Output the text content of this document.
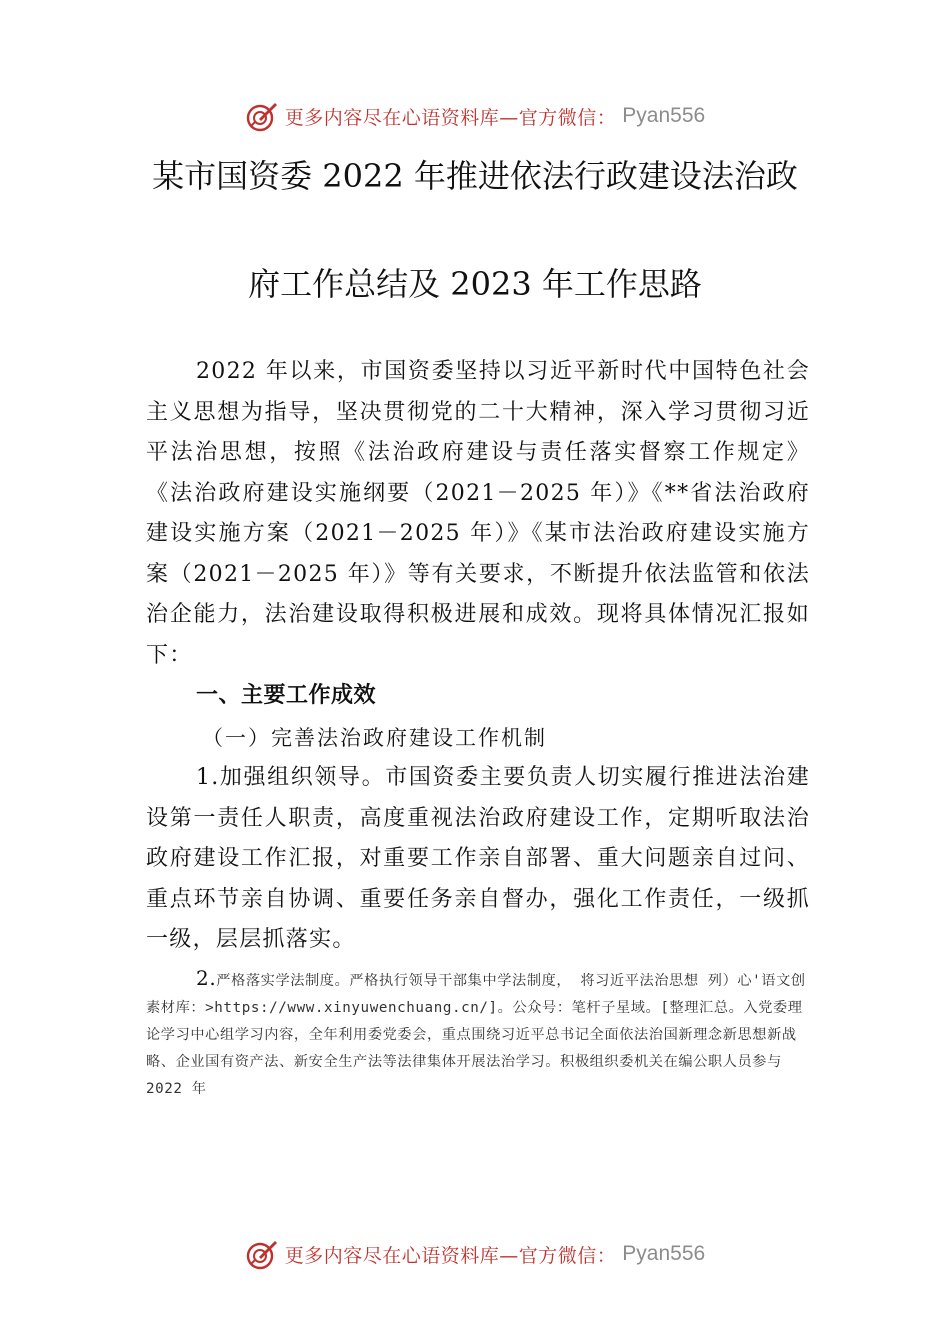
更多内容尽在心语资料库—官方微信： Pyan556
某市国资委 2022 年推进依法行政建设法治政
府工作总结及 2023 年工作思路

2022 年以来，市国资委坚持以习近平新时代中国特色社会主义思想为指导，坚决贯彻党的二十大精神，深入学习贯彻习近平法治思想，按照《法治政府建设与责任落实督察工作规定》《法治政府建设实施纲要（2021－2025 年）》《**省法治政府建设实施方案（2021－2025 年）》《某市法治政府建设实施方案（2021－2025 年）》等有关要求，不断提升依法监管和依法治企能力，法治建设取得积极进展和成效。现将具体情况汇报如下：

一、主要工作成效

（一）完善法治政府建设工作机制

1.加强组织领导。市国资委主要负责人切实履行推进法治建设第一责任人职责，高度重视法治政府建设工作，定期听取法治政府建设工作汇报，对重要工作亲自部署、重大问题亲自过问、重点环节亲自协调、重要任务亲自督办，强化工作责任，一级抓一级，层层抓落实。

2.严格落实学法制度。严格执行领导干部集中学法制度， 将习近平法治思想 列）心'语文创素材库：>https://www.xinyuwenchuang.cn/]。公众号：笔杆子星域。[整理汇总。入党委理论学习中心组学习内容，全年利用委党委会，重点围绕习近平总书记全面依法治国新理念新思想新战略、企业国有资产法、新安全生产法等法律集体开展法治学习。积极组织委机关在编公职人员参与 2022 年

更多内容尽在心语资料库—官方微信： Pyan556
